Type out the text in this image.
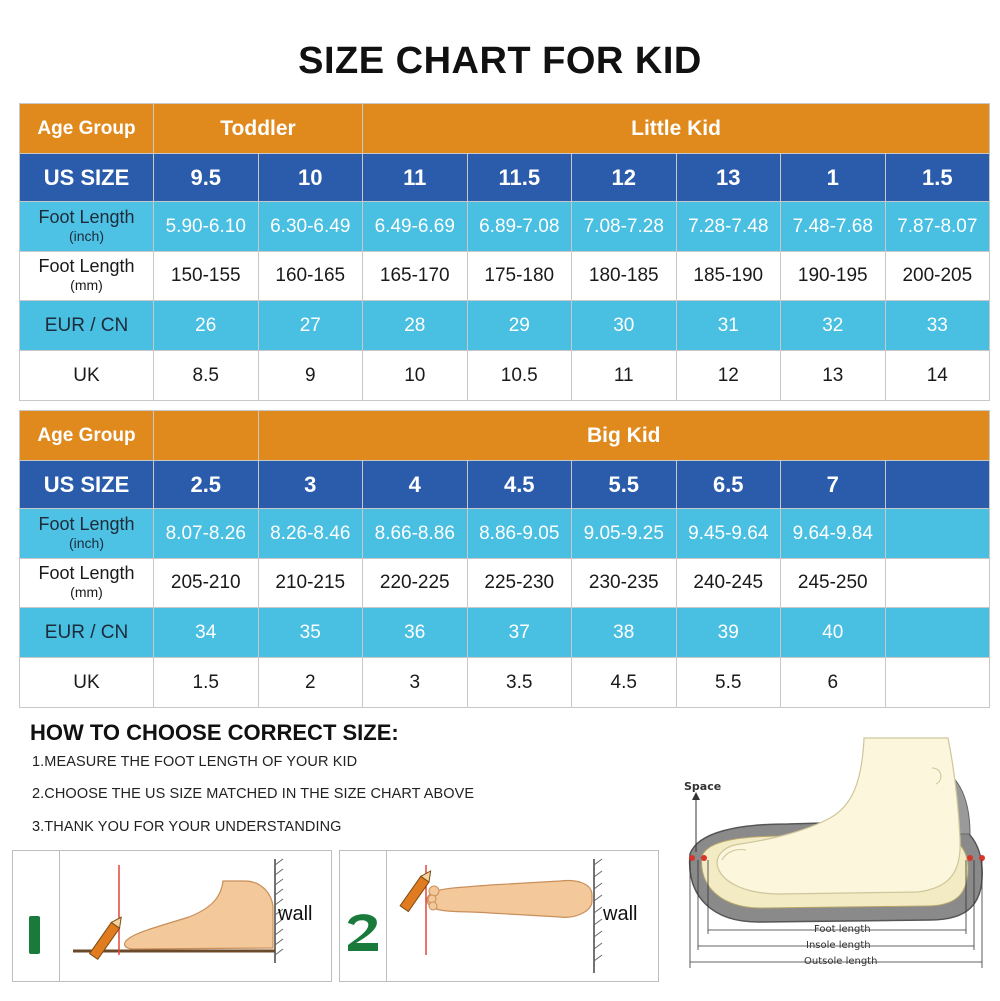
SIZE CHART FOR KID
Age Group	Toddler		Little Kid					
US SIZE	9.5	10	11	11.5	12	13	1	1.5
Foot Length
(inch)	5.90-6.10	6.30-6.49	6.49-6.69	6.89-7.08	7.08-7.28	7.28-7.48	7.48-7.68	7.87-8.07
Foot Length
(mm)	150-155	160-165	165-170	175-180	180-185	185-190	190-195	200-205
EUR / CN	26	27	28	29	30	31	32	33
UK	8.5	9	10	10.5	11	12	13	14
Age Group		Big Kid						
US SIZE	2.5	3	4	4.5	5.5	6.5	7	
Foot Length
(inch)	8.07-8.26	8.26-8.46	8.66-8.86	8.86-9.05	9.05-9.25	9.45-9.64	9.64-9.84	
Foot Length
(mm)	205-210	210-215	220-225	225-230	230-235	240-245	245-250	
EUR / CN	34	35	36	37	38	39	40	
UK	1.5	2	3	3.5	4.5	5.5	6	
HOW TO CHOOSE CORRECT SIZE:
1.MEASURE THE FOOT LENGTH OF YOUR KID
2.CHOOSE THE US SIZE MATCHED IN THE SIZE CHART ABOVE
3.THANK YOU FOR YOUR UNDERSTANDING
wall	wall
Space
Foot length
Insole length
Outsole length
